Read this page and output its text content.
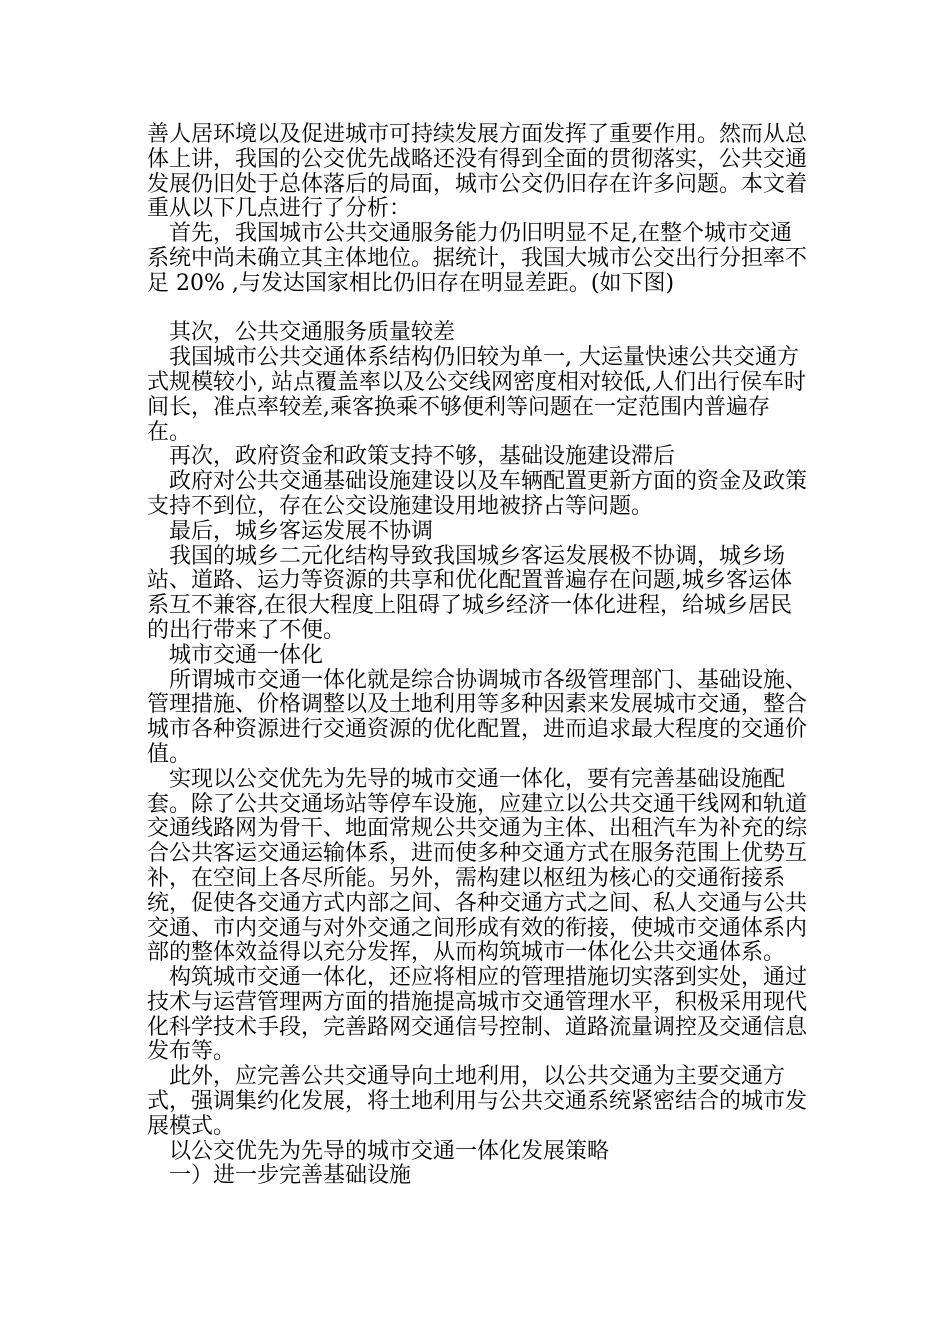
善人居环境以及促进城市可持续发展方面发挥了重要作用。然而从总体上讲，我国的公交优先战略还没有得到全面的贯彻落实，公共交通发展仍旧处于总体落后的局面，城市公交仍旧存在许多问题。本文着重从以下几点进行了分析：

首先，我国城市公共交通服务能力仍旧明显不足,在整个城市交通系统中尚未确立其主体地位。据统计，我国大城市公交出行分担率不足 20% ,与发达国家相比仍旧存在明显差距。(如下图)

其次，公共交通服务质量较差

我国城市公共交通体系结构仍旧较为单一, 大运量快速公共交通方式规模较小, 站点覆盖率以及公交线网密度相对较低,人们出行侯车时间长，准点率较差,乘客换乘不够便利等问题在一定范围内普遍存在。

再次，政府资金和政策支持不够，基础设施建设滞后

政府对公共交通基础设施建设以及车辆配置更新方面的资金及政策支持不到位，存在公交设施建设用地被挤占等问题。

最后，城乡客运发展不协调

我国的城乡二元化结构导致我国城乡客运发展极不协调，城乡场站、道路、运力等资源的共享和优化配置普遍存在问题,城乡客运体系互不兼容,在很大程度上阻碍了城乡经济一体化进程，给城乡居民的出行带来了不便。

城市交通一体化

所谓城市交通一体化就是综合协调城市各级管理部门、基础设施、管理措施、价格调整以及土地利用等多种因素来发展城市交通，整合城市各种资源进行交通资源的优化配置，进而追求最大程度的交通价值。

实现以公交优先为先导的城市交通一体化，要有完善基础设施配套。除了公共交通场站等停车设施，应建立以公共交通干线网和轨道交通线路网为骨干、地面常规公共交通为主体、出租汽车为补充的综合公共客运交通运输体系，进而使多种交通方式在服务范围上优势互补，在空间上各尽所能。另外，需构建以枢纽为核心的交通衔接系统，促使各交通方式内部之间、各种交通方式之间、私人交通与公共交通、市内交通与对外交通之间形成有效的衔接，使城市交通体系内部的整体效益得以充分发挥，从而构筑城市一体化公共交通体系。

构筑城市交通一体化，还应将相应的管理措施切实落到实处，通过技术与运营管理两方面的措施提高城市交通管理水平，积极采用现代化科学技术手段，完善路网交通信号控制、道路流量调控及交通信息发布等。

此外，应完善公共交通导向土地利用，以公共交通为主要交通方式，强调集约化发展，将土地利用与公共交通系统紧密结合的城市发展模式。

以公交优先为先导的城市交通一体化发展策略

一）进一步完善基础设施
